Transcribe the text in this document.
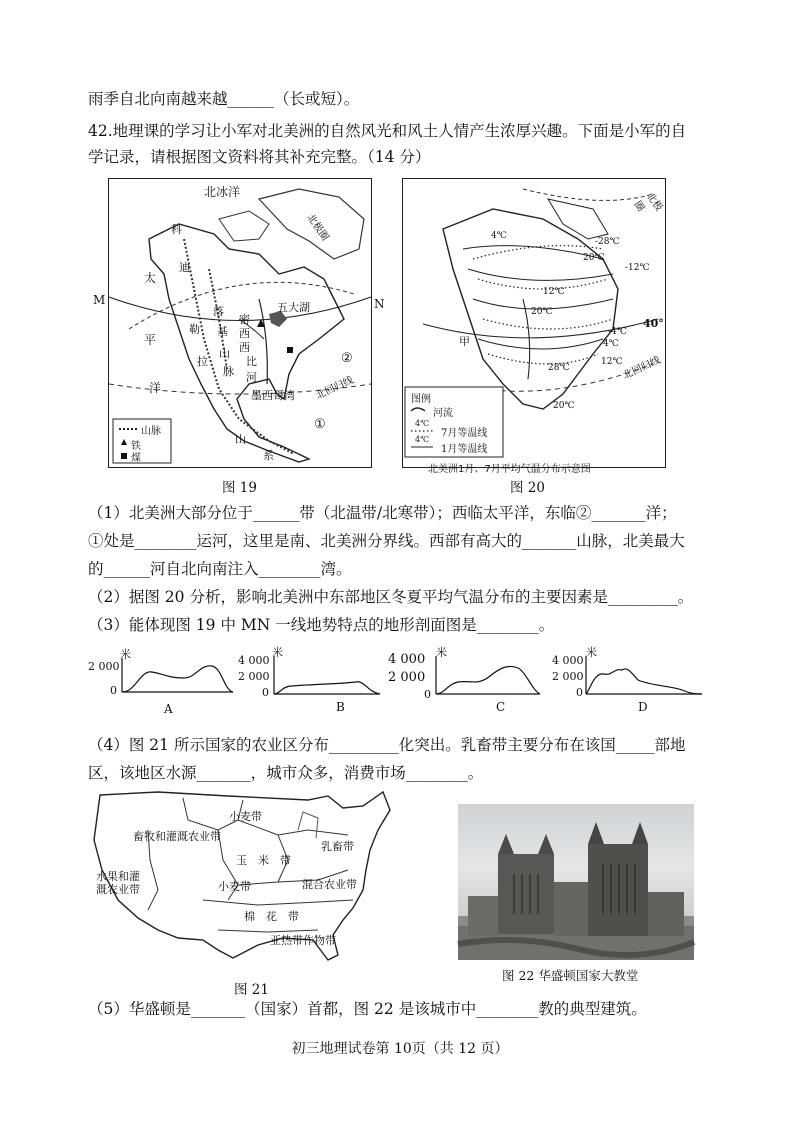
雨季自北向南越来越______（长或短）。
42.地理课的学习让小军对北美洲的自然风光和风土人情产生浓厚兴趣。下面是小军的自
学记录，请根据图文资料将其补充完整。（14 分）
北冰洋
北极圈
太
平
洋
M	N
②
①
北回归线
科
迪
勒
拉
山
系
落
基
山
脉
密
西
西
比
河
五大湖
墨西哥湾
山脉
铁
煤
图 19
北极圈
4℃
-28℃
20℃
-12℃
12℃
20℃
4℃
-4℃
28℃
12℃
20℃
40°
甲
北回归线
图例
河流
4℃
7月等温线
4℃
1月等温线
北美洲1月、7月平均气温分布示意图
图 20
（1）北美洲大部分位于______带（北温带/北寒带）；西临太平洋，东临②_______洋；
①处是________运河，这里是南、北美洲分界线。西部有高大的_______山脉，北美最大
的______河自北向南注入________湾。
（2）据图 20 分析，影响北美洲中东部地区冬夏平均气温分布的主要因素是_________。
（3）能体现图 19 中 MN 一线地势特点的地形剖面图是________。
米
2 000
0
A
米
4 000
2 000
0
B
米
4 000
2 000
0
C
米
4 000
2 000
0
D
（4）图 21 所示国家的农业区分布_________化突出。乳畜带主要分布在该国_____部地
区，该地区水源_______，城市众多，消费市场________。
小麦带
畜牧和灌溉农业带
乳畜带
玉　米　带
水果和灌溉农业带	小麦带	混合农业带
棉　花　带
亚热带作物带
图 21
图 22 华盛顿国家大教堂
（5）华盛顿是_______（国家）首都，图 22 是该城市中________教的典型建筑。
初三地理试卷第 10页（共 12 页）
